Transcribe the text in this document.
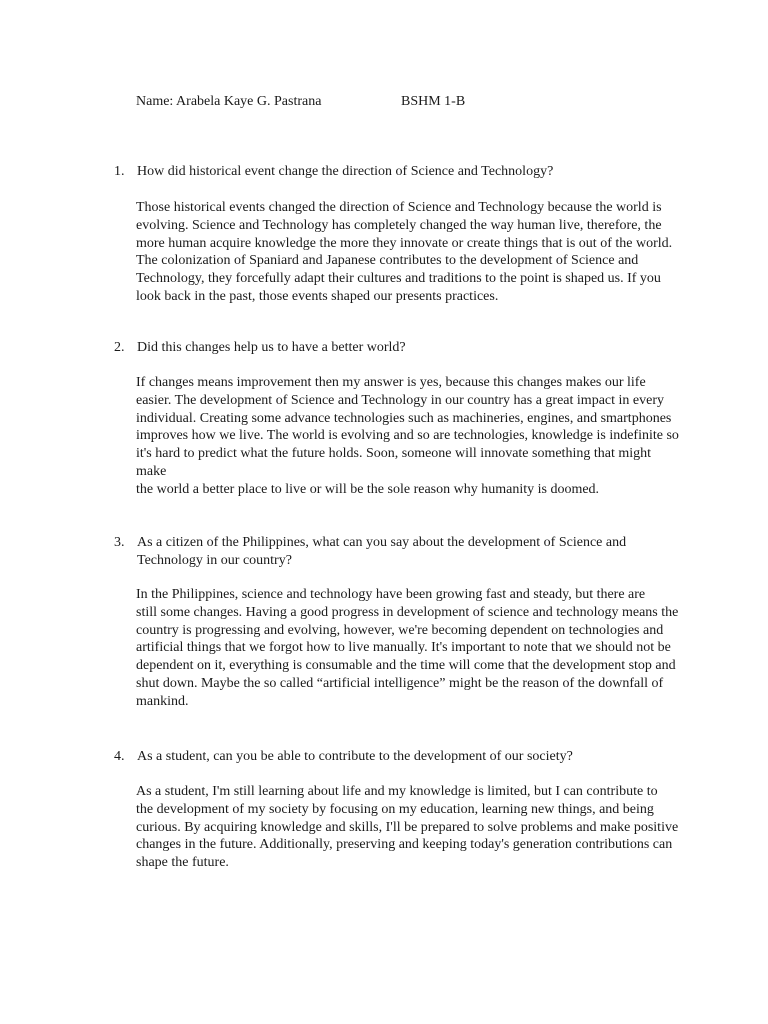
Name: Arabela Kaye G. Pastrana	BSHM 1-B
1. How did historical event change the direction of Science and Technology?
Those historical events changed the direction of Science and Technology because the world is
evolving. Science and Technology has completely changed the way human live, therefore, the
more human acquire knowledge the more they innovate or create things that is out of the world.
The colonization of Spaniard and Japanese contributes to the development of Science and
Technology, they forcefully adapt their cultures and traditions to the point is shaped us. If you
look back in the past, those events shaped our presents practices.
2. Did this changes help us to have a better world?
If changes means improvement then my answer is yes, because this changes makes our life
easier. The development of Science and Technology in our country has a great impact in every
individual. Creating some advance technologies such as machineries, engines, and smartphones
improves how we live. The world is evolving and so are technologies, knowledge is indefinite so
it's hard to predict what the future holds. Soon, someone will innovate something that might make
the world a better place to live or will be the sole reason why humanity is doomed.
3. As a citizen of the Philippines, what can you say about the development of Science and
Technology in our country?
In the Philippines, science and technology have been growing fast and steady, but there are
still some changes. Having a good progress in development of science and technology means the
country is progressing and evolving, however, we're becoming dependent on technologies and
artificial things that we forgot how to live manually. It's important to note that we should not be
dependent on it, everything is consumable and the time will come that the development stop and
shut down. Maybe the so called “artificial intelligence” might be the reason of the downfall of
mankind.
4. As a student, can you be able to contribute to the development of our society?
As a student, I'm still learning about life and my knowledge is limited, but I can contribute to
the development of my society by focusing on my education, learning new things, and being
curious. By acquiring knowledge and skills, I'll be prepared to solve problems and make positive
changes in the future. Additionally, preserving and keeping today's generation contributions can
shape the future.
